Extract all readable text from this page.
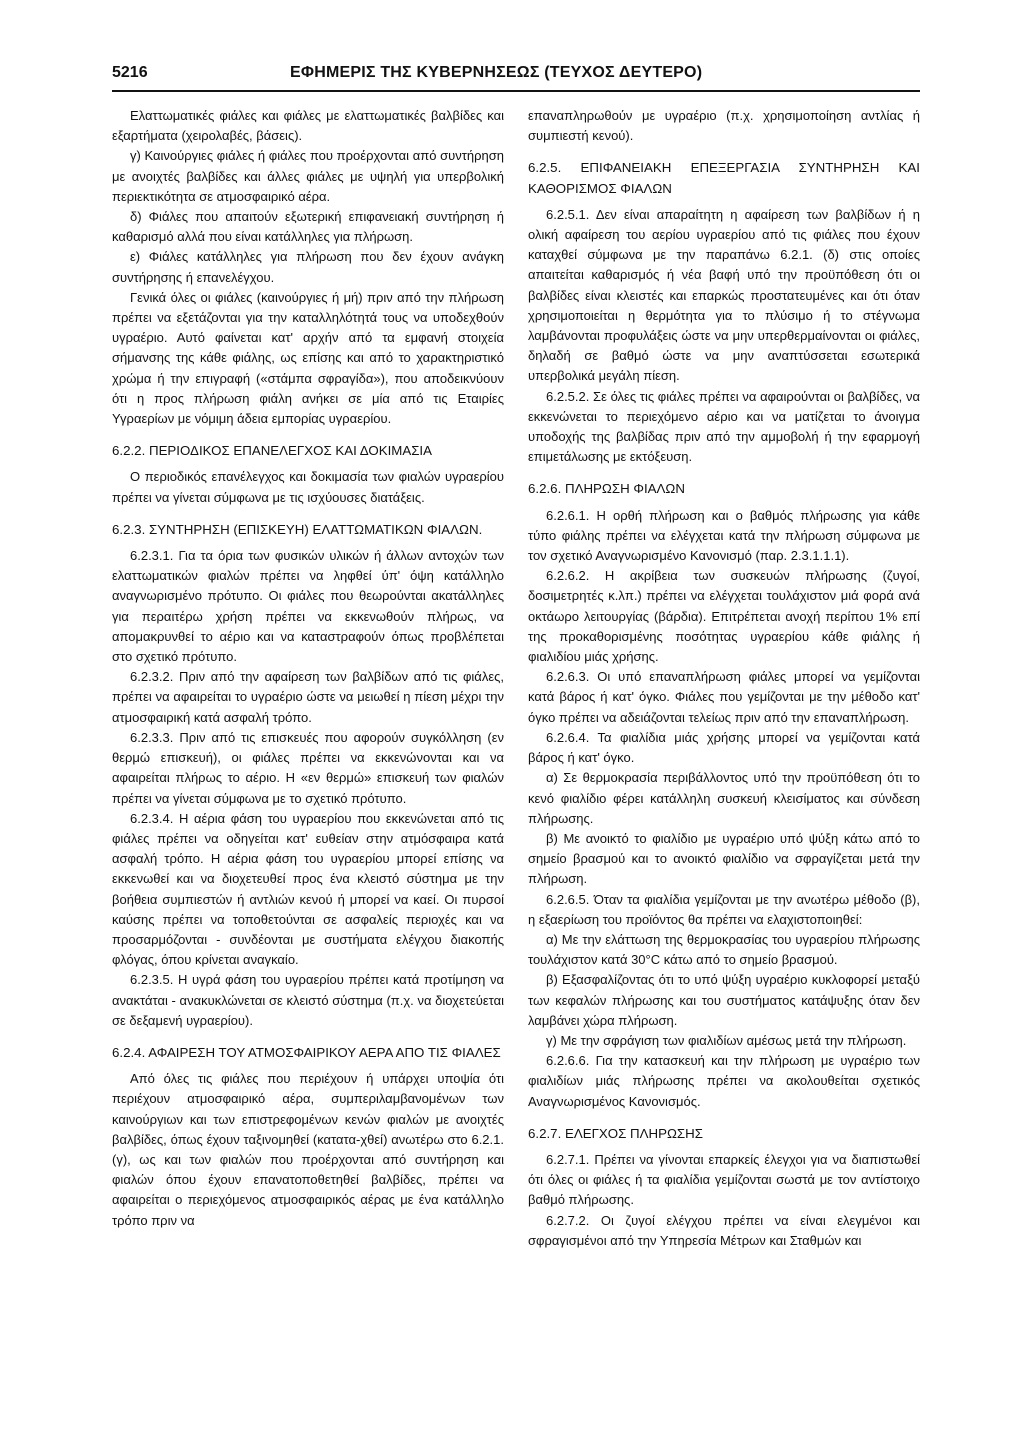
5216	ΕΦΗΜΕΡΙΣ ΤΗΣ ΚΥΒΕΡΝΗΣΕΩΣ (ΤΕΥΧΟΣ ΔΕΥΤΕΡΟ)

Ελαττωματικές φιάλες και φιάλες με ελαττωματικές βαλβίδες και εξαρτήματα (χειρολαβές, βάσεις).

γ) Καινούργιες φιάλες ή φιάλες που προέρχονται από συντήρηση με ανοιχτές βαλβίδες και άλλες φιάλες με υψηλή για υπερβολική περιεκτικότητα σε ατμοσφαιρικό αέρα.

δ) Φιάλες που απαιτούν εξωτερική επιφανειακή συντήρηση ή καθαρισμό αλλά που είναι κατάλληλες για πλήρωση.

ε) Φιάλες κατάλληλες για πλήρωση που δεν έχουν ανάγκη συντήρησης ή επανελέγχου.

Γενικά όλες οι φιάλες (καινούργιες ή μή) πριν από την πλήρωση πρέπει να εξετάζονται για την καταλληλότητά τους να υποδεχθούν υγραέριο. Αυτό φαίνεται κατ' αρχήν από τα εμφανή στοιχεία σήμανσης της κάθε φιάλης, ως επίσης και από το χαρακτηριστικό χρώμα ή την επιγραφή («στάμπα σφραγίδα»), που αποδεικνύουν ότι η προς πλήρωση φιάλη ανήκει σε μία από τις Εταιρίες Υγραερίων με νόμιμη άδεια εμπορίας υγραερίου.

6.2.2. ΠΕΡΙΟΔΙΚΟΣ ΕΠΑΝΕΛΕΓΧΟΣ ΚΑΙ ΔΟΚΙΜΑΣΙΑ

Ο περιοδικός επανέλεγχος και δοκιμασία των φιαλών υγραερίου πρέπει να γίνεται σύμφωνα με τις ισχύουσες διατάξεις.

6.2.3. ΣΥΝΤΗΡΗΣΗ (ΕΠΙΣΚΕΥΗ) ΕΛΑΤΤΩΜΑΤΙΚΩΝ ΦΙΑΛΩΝ.

6.2.3.1. Για τα όρια των φυσικών υλικών ή άλλων αντοχών των ελαττωματικών φιαλών πρέπει να ληφθεί ύπ' όψη κατάλληλο αναγνωρισμένο πρότυπο. Οι φιάλες που θεωρούνται ακατάλληλες για περαιτέρω χρήση πρέπει να εκκενωθούν πλήρως, να απομακρυνθεί το αέριο και να καταστραφούν όπως προβλέπεται στο σχετικό πρότυπο.

6.2.3.2. Πριν από την αφαίρεση των βαλβίδων από τις φιάλες, πρέπει να αφαιρείται το υγραέριο ώστε να μειωθεί η πίεση μέχρι την ατμοσφαιρική κατά ασφαλή τρόπο.

6.2.3.3. Πριν από τις επισκευές που αφορούν συγκόλληση (εν θερμώ επισκευή), οι φιάλες πρέπει να εκκενώνονται και να αφαιρείται πλήρως το αέριο. Η «εν θερμώ» επισκευή των φιαλών πρέπει να γίνεται σύμφωνα με το σχετικό πρότυπο.

6.2.3.4. Η αέρια φάση του υγραερίου που εκκενώνεται από τις φιάλες πρέπει να οδηγείται κατ' ευθείαν στην ατμόσφαιρα κατά ασφαλή τρόπο. Η αέρια φάση του υγραερίου μπορεί επίσης να εκκενωθεί και να διοχετευθεί προς ένα κλειστό σύστημα με την βοήθεια συμπιεστών ή αντλιών κενού ή μπορεί να καεί. Οι πυρσοί καύσης πρέπει να τοποθετούνται σε ασφαλείς περιοχές και να προσαρμόζονται - συνδέονται με συστήματα ελέγχου διακοπής φλόγας, όπου κρίνεται αναγκαίο.

6.2.3.5. Η υγρά φάση του υγραερίου πρέπει κατά προτίμηση να ανακτάται - ανακυκλώνεται σε κλειστό σύστημα (π.χ. να διοχετεύεται σε δεξαμενή υγραερίου).

6.2.4. ΑΦΑΙΡΕΣΗ ΤΟΥ ΑΤΜΟΣΦΑΙΡΙΚΟΥ ΑΕΡΑ ΑΠΟ ΤΙΣ ΦΙΑΛΕΣ

Από όλες τις φιάλες που περιέχουν ή υπάρχει υποψία ότι περιέχουν ατμοσφαιρικό αέρα, συμπεριλαμβανομένων των καινούργιων και των επιστρεφομένων κενών φιαλών με ανοιχτές βαλβίδες, όπως έχουν ταξινομηθεί (κατατα-χθεί) ανωτέρω στο 6.2.1. (γ), ως και των φιαλών που προέρχονται από συντήρηση και φιαλών όπου έχουν επανατοποθετηθεί βαλβίδες, πρέπει να αφαιρείται ο περιεχόμενος ατμοσφαιρικός αέρας με ένα κατάλληλο τρόπο πριν να

επαναπληρωθούν με υγραέριο (π.χ. χρησιμοποίηση αντλίας ή συμπιεστή κενού).

6.2.5. ΕΠΙΦΑΝΕΙΑΚΗ ΕΠΕΞΕΡΓΑΣΙΑ ΣΥΝΤΗΡΗΣΗ ΚΑΙ ΚΑΘΟΡΙΣΜΟΣ ΦΙΑΛΩΝ

6.2.5.1. Δεν είναι απαραίτητη η αφαίρεση των βαλβίδων ή η ολική αφαίρεση του αερίου υγραερίου από τις φιάλες που έχουν καταχθεί σύμφωνα με την παραπάνω 6.2.1. (δ) στις οποίες απαιτείται καθαρισμός ή νέα βαφή υπό την προϋπόθεση ότι οι βαλβίδες είναι κλειστές και επαρκώς προστατευμένες και ότι όταν χρησιμοποιείται η θερμότητα για το πλύσιμο ή το στέγνωμα λαμβάνονται προφυλάξεις ώστε να μην υπερθερμαίνονται οι φιάλες, δηλαδή σε βαθμό ώστε να μην αναπτύσσεται εσωτερικά υπερβολικά μεγάλη πίεση.

6.2.5.2. Σε όλες τις φιάλες πρέπει να αφαιρούνται οι βαλβίδες, να εκκενώνεται το περιεχόμενο αέριο και να ματίζεται το άνοιγμα υποδοχής της βαλβίδας πριν από την αμμοβολή ή την εφαρμογή επιμετάλωσης με εκτόξευση.

6.2.6. ΠΛΗΡΩΣΗ ΦΙΑΛΩΝ

6.2.6.1. Η ορθή πλήρωση και ο βαθμός πλήρωσης για κάθε τύπο φιάλης πρέπει να ελέγχεται κατά την πλήρωση σύμφωνα με τον σχετικό Αναγνωρισμένο Κανονισμό (παρ. 2.3.1.1.1).

6.2.6.2. Η ακρίβεια των συσκευών πλήρωσης (ζυγοί, δοσιμετρητές κ.λπ.) πρέπει να ελέγχεται τουλάχιστον μιά φορά ανά οκτάωρο λειτουργίας (βάρδια). Επιτρέπεται ανοχή περίπου 1% επί της προκαθορισμένης ποσότητας υγραερίου κάθε φιάλης ή φιαλιδίου μιάς χρήσης.

6.2.6.3. Οι υπό επαναπλήρωση φιάλες μπορεί να γεμίζονται κατά βάρος ή κατ' όγκο. Φιάλες που γεμίζονται με την μέθοδο κατ' όγκο πρέπει να αδειάζονται τελείως πριν από την επαναπλήρωση.

6.2.6.4. Τα φιαλίδια μιάς χρήσης μπορεί να γεμίζονται κατά βάρος ή κατ' όγκο.

α) Σε θερμοκρασία περιβάλλοντος υπό την προϋπόθεση ότι το κενό φιαλίδιο φέρει κατάλληλη συσκευή κλεισίματος και σύνδεση πλήρωσης.

β) Με ανοικτό το φιαλίδιο με υγραέριο υπό ψύξη κάτω από το σημείο βρασμού και το ανοικτό φιαλίδιο να σφραγίζεται μετά την πλήρωση.

6.2.6.5. Όταν τα φιαλίδια γεμίζονται με την ανωτέρω μέθοδο (β), η εξαερίωση του προϊόντος θα πρέπει να ελαχιστοποιηθεί:

α) Με την ελάττωση της θερμοκρασίας του υγραερίου πλήρωσης τουλάχιστον κατά 30°C κάτω από το σημείο βρασμού.

β) Εξασφαλίζοντας ότι το υπό ψύξη υγραέριο κυκλοφορεί μεταξύ των κεφαλών πλήρωσης και του συστήματος κατάψυξης όταν δεν λαμβάνει χώρα πλήρωση.

γ) Με την σφράγιση των φιαλιδίων αμέσως μετά την πλήρωση.

6.2.6.6. Για την κατασκευή και την πλήρωση με υγραέριο των φιαλιδίων μιάς πλήρωσης πρέπει να ακολουθείται σχετικός Αναγνωρισμένος Κανονισμός.

6.2.7. ΕΛΕΓΧΟΣ ΠΛΗΡΩΣΗΣ

6.2.7.1. Πρέπει να γίνονται επαρκείς έλεγχοι για να διαπιστωθεί ότι όλες οι φιάλες ή τα φιαλίδια γεμίζονται σωστά με τον αντίστοιχο βαθμό πλήρωσης.

6.2.7.2. Οι ζυγοί ελέγχου πρέπει να είναι ελεγμένοι και σφραγισμένοι από την Υπηρεσία Μέτρων και Σταθμών και
